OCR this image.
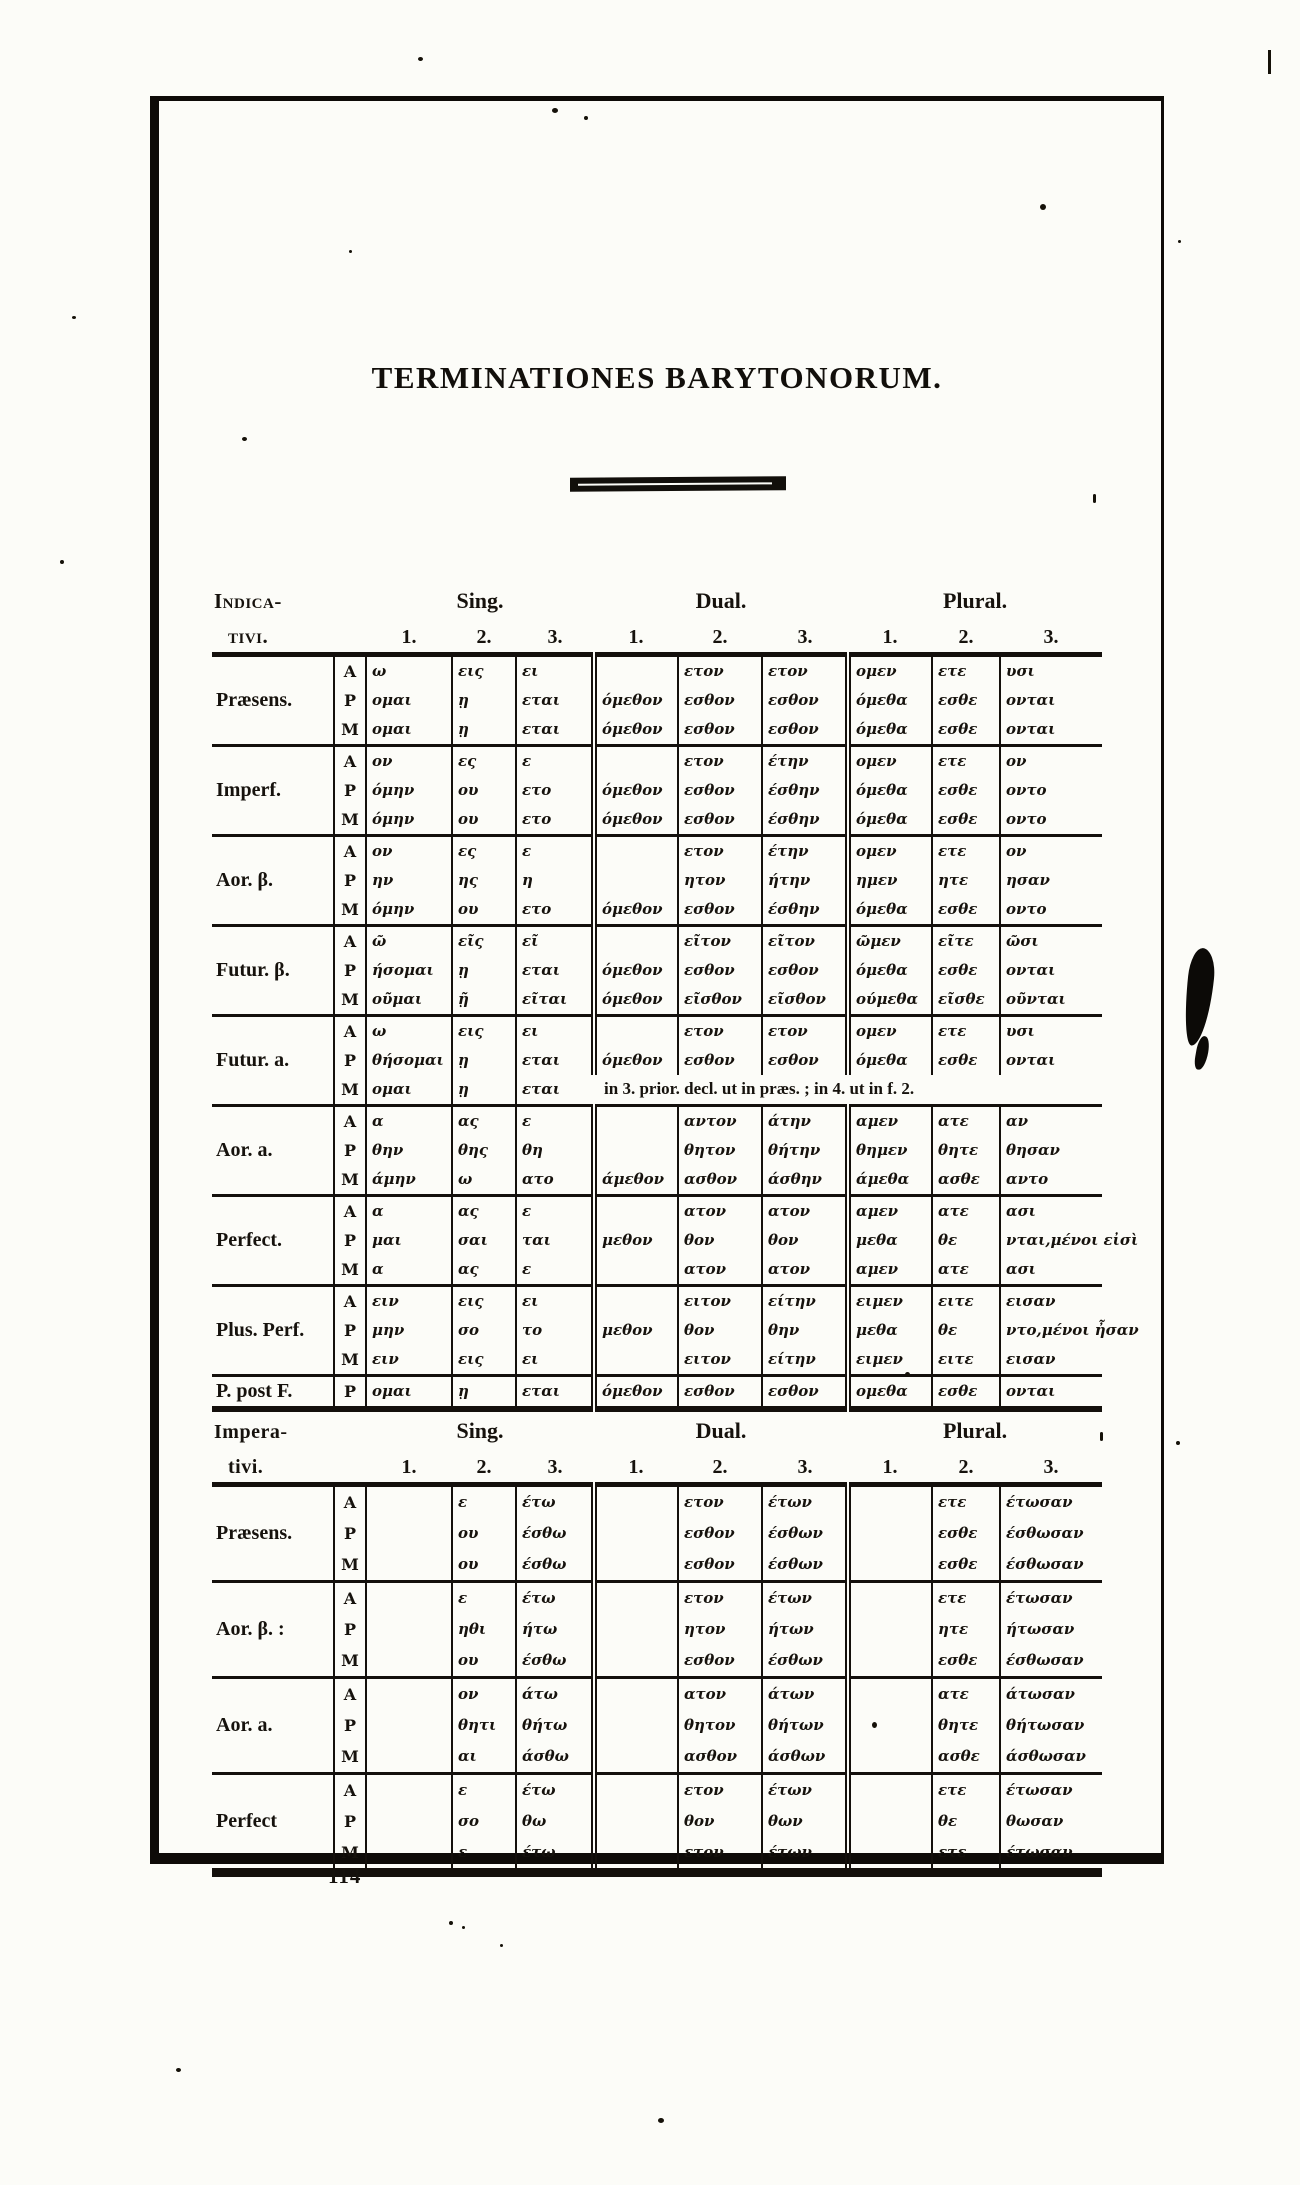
TERMINATIONES BARYTONORUM.
Indica-		Sing.			Dual.			Plural.		
tivi.		1.	2.	3.	1.	2.	3.	1.	2.	3.
Præsens.	A	ω	εις	ει		ετον	ετον	ομεν	ετε	υσι
	P	ομαι	ῃ	εται	όμεθον	εσθον	εσθον	όμεθα	εσθε	ονται
	M	ομαι	ῃ	εται	όμεθον	εσθον	εσθον	όμεθα	εσθε	ονται
Imperf.	A	ον	ες	ε		ετον	έτην	ομεν	ετε	ον
	P	όμην	ου	ετο	όμεθον	εσθον	έσθην	όμεθα	εσθε	οντο
	M	όμην	ου	ετο	όμεθον	εσθον	έσθην	όμεθα	εσθε	οντο
Aor. β.	A	ον	ες	ε		ετον	έτην	ομεν	ετε	ον
	P	ην	ης	η		ητον	ήτην	ημεν	ητε	ησαν
	M	όμην	ου	ετο	όμεθον	εσθον	έσθην	όμεθα	εσθε	οντο
Futur. β.	A	ῶ	εῖς	εῖ		εῖτον	εῖτον	ῶμεν	εῖτε	ῶσι
	P	ήσομαι	ῃ	εται	όμεθον	εσθον	εσθον	όμεθα	εσθε	ονται
	M	οῦμαι	ῇ	εῖται	όμεθον	εῖσθον	εῖσθον	ούμεθα	εῖσθε	οῦνται
Futur. a.	A	ω	εις	ει		ετον	ετον	ομεν	ετε	υσι
	P	θήσομαι	ῃ	εται	όμεθον	εσθον	εσθον	όμεθα	εσθε	ονται
	M	ομαι	ῃ	εται	in 3. prior. decl. ut in præs. ; in 4. ut in f. 2.					
Aor. a.	A	α	ας	ε		αντον	άτην	αμεν	ατε	αν
	P	θην	θης	θη		θητον	θήτην	θημεν	θητε	θησαν
	M	άμην	ω	ατο	άμεθον	ασθον	άσθην	άμεθα	ασθε	αντο
Perfect.	A	α	ας	ε		ατον	ατον	αμεν	ατε	ασι
	P	μαι	σαι	ται	μεθον	θον	θον	μεθα	θε	νται,μένοι εἰσὶ
	M	α	ας	ε		ατον	ατον	αμεν	ατε	ασι
Plus. Perf.	A	ειν	εις	ει		ειτον	είτην	ειμεν	ειτε	εισαν
	P	μην	σο	το	μεθον	θον	θην	μεθα	θε	ντο,μένοι ἦσαν
	M	ειν	εις	ει		ειτον	είτην	ειμεν	ειτε	εισαν
P. post F.	P	ομαι	ῃ	εται	όμεθον	εσθον	εσθον	ομεθα	εσθε	ονται
Impera-		Sing.			Dual.			Plural.		
tivi.		1.	2.	3.	1.	2.	3.	1.	2.	3.
Præsens.	A		ε	έτω		ετον	έτων		ετε	έτωσαν
	P		ου	έσθω		εσθον	έσθων		εσθε	έσθωσαν
	M		ου	έσθω		εσθον	έσθων		εσθε	έσθωσαν
Aor. β. :	A		ε	έτω		ετον	έτων		ετε	έτωσαν
	P		ηθι	ήτω		ητον	ήτων		ητε	ήτωσαν
	M		ου	έσθω		εσθον	έσθων		εσθε	έσθωσαν
Aor. a.	A		ον	άτω		ατον	άτων		ατε	άτωσαν
	P		θητι	θήτω		θητον	θήτων		θητε	θήτωσαν
	M		αι	άσθω		ασθον	άσθων		ασθε	άσθωσαν
Perfect	A		ε	έτω		ετον	έτων		ετε	έτωσαν
	P		σο	θω		θον	θων		θε	θωσαν
	M		ε	έτω		ετον	έτων		ετε	έτωσαν
114
